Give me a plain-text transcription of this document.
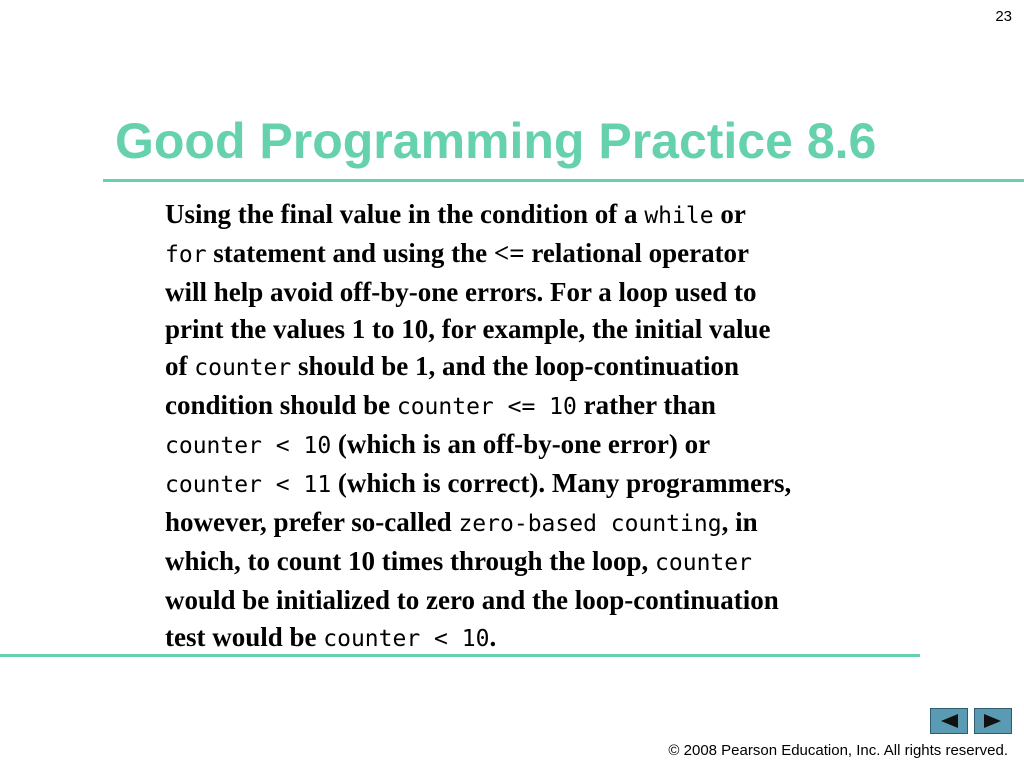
23
Good Programming Practice 8.6
Using the final value in the condition of a while or
for statement and using the <= relational operator
will help avoid off-by-one errors. For a loop used to
print the values 1 to 10, for example, the initial value
of counter should be 1, and the loop-continuation
condition should be counter <= 10 rather than
counter < 10 (which is an off-by-one error) or
counter < 11 (which is correct). Many programmers,
however, prefer so-called zero-based counting, in
which, to count 10 times through the loop, counter
would be initialized to zero and the loop-continuation
test would be counter < 10.
© 2008 Pearson Education, Inc. All rights reserved.
